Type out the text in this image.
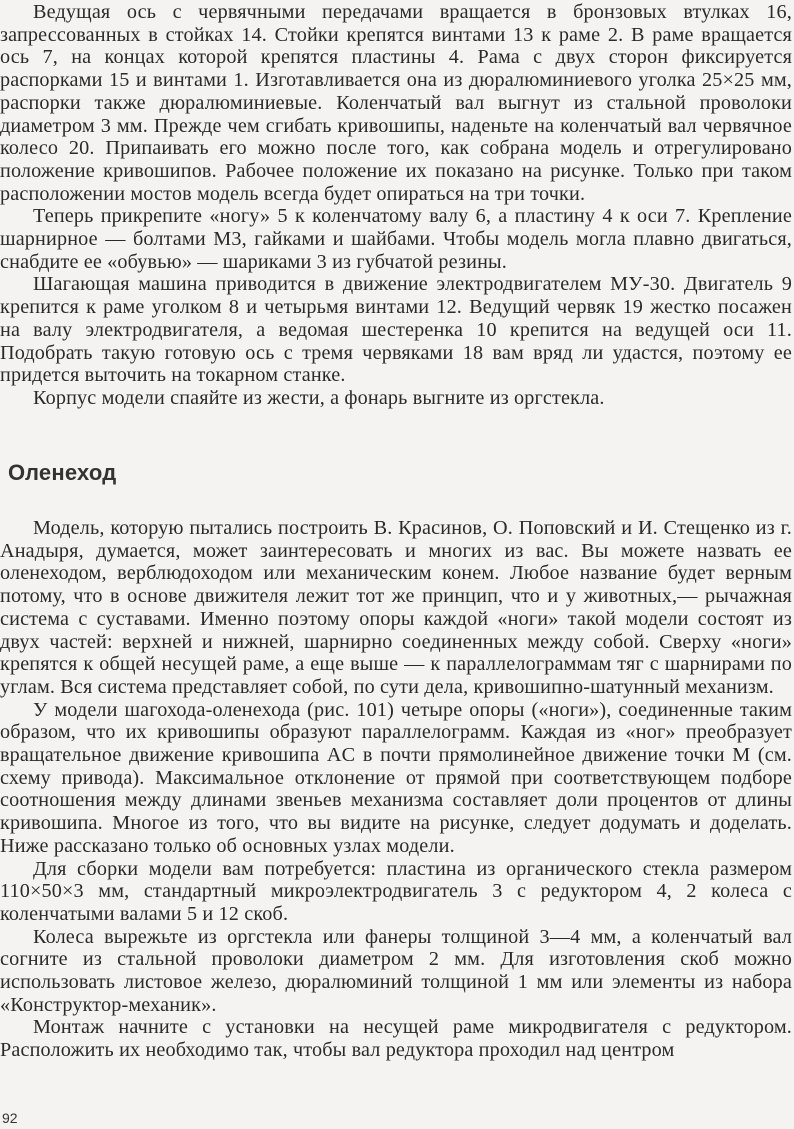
Ведущая ось с червячными передачами вращается в бронзовых втулках 16, запрессованных в стойках 14. Стойки крепятся винтами 13 к раме 2. В раме вращается ось 7, на концах которой крепятся пластины 4. Рама с двух сторон фиксируется распорками 15 и винтами 1. Изготавливается она из дюралюминиевого уголка 25×25 мм, распорки также дюралюминиевые. Коленчатый вал выгнут из стальной проволоки диаметром 3 мм. Прежде чем сгибать кривошипы, наденьте на коленчатый вал червячное колесо 20. Припаивать его можно после того, как собрана модель и отрегулировано положение кривошипов. Рабочее положение их показано на рисунке. Только при таком расположении мостов модель всегда будет опираться на три точки.

Теперь прикрепите «ногу» 5 к коленчатому валу 6, а пластину 4 к оси 7. Крепление шарнирное — болтами М3, гайками и шайбами. Чтобы модель могла плавно двигаться, снабдите ее «обувью» — шариками 3 из губчатой резины.

Шагающая машина приводится в движение электродвигателем МУ-30. Двигатель 9 крепится к раме уголком 8 и четырьмя винтами 12. Ведущий червяк 19 жестко посажен на валу электродвигателя, а ведомая шестеренка 10 крепится на ведущей оси 11. Подобрать такую готовую ось с тремя червяками 18 вам вряд ли удастся, поэтому ее придется выточить на токарном станке.

Корпус модели спаяйте из жести, а фонарь выгните из оргстекла.

Оленеход

Модель, которую пытались построить В. Красинов, О. Поповский и И. Стещенко из г. Анадыря, думается, может заинтересовать и многих из вас. Вы можете назвать ее оленеходом, верблюдоходом или механическим конем. Любое название будет верным потому, что в основе движителя лежит тот же принцип, что и у животных,— рычажная система с суставами. Именно поэтому опоры каждой «ноги» такой модели состоят из двух частей: верхней и нижней, шарнирно соединенных между собой. Сверху «ноги» крепятся к общей несущей раме, а еще выше — к параллелограммам тяг с шарнирами по углам. Вся система представляет собой, по сути дела, кривошипно-шатунный механизм.

У модели шагохода-оленехода (рис. 101) четыре опоры («ноги»), соединенные таким образом, что их кривошипы образуют параллелограмм. Каждая из «ног» преобразует вращательное движение кривошипа AC в почти прямолинейное движение точки M (см. схему привода). Максимальное отклонение от прямой при соответствующем подборе соотношения между длинами звеньев механизма составляет доли процентов от длины кривошипа. Многое из того, что вы видите на рисунке, следует додумать и доделать. Ниже рассказано только об основных узлах модели.

Для сборки модели вам потребуется: пластина из органического стекла размером 110×50×3 мм, стандартный микроэлектродвигатель 3 с редуктором 4, 2 колеса с коленчатыми валами 5 и 12 скоб.

Колеса вырежьте из оргстекла или фанеры толщиной 3—4 мм, а коленчатый вал согните из стальной проволоки диаметром 2 мм. Для изготовления скоб можно использовать листовое железо, дюралюминий толщиной 1 мм или элементы из набора «Конструктор-механик».

Монтаж начните с установки на несущей раме микродвигателя с редуктором. Расположить их необходимо так, чтобы вал редуктора проходил над центром

92
